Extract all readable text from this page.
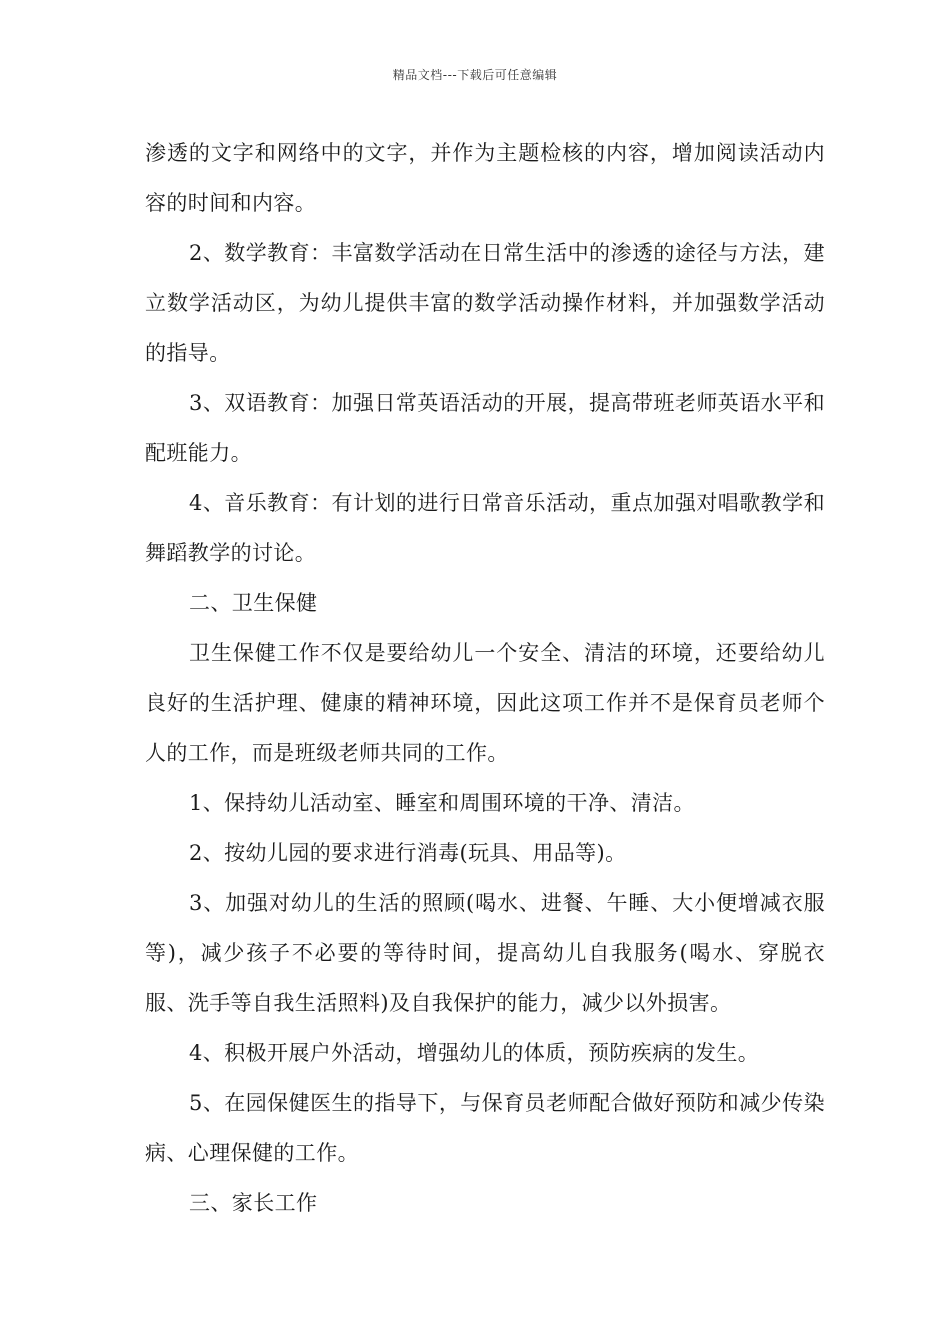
精品文档---下载后可任意编辑

渗透的文字和网络中的文字，并作为主题检核的内容，增加阅读活动内容的时间和内容。

2、数学教育：丰富数学活动在日常生活中的渗透的途径与方法，建立数学活动区，为幼儿提供丰富的数学活动操作材料，并加强数学活动的指导。

3、双语教育：加强日常英语活动的开展，提高带班老师英语水平和配班能力。

4、音乐教育：有计划的进行日常音乐活动，重点加强对唱歌教学和舞蹈教学的讨论。

二、卫生保健

卫生保健工作不仅是要给幼儿一个安全、清洁的环境，还要给幼儿良好的生活护理、健康的精神环境，因此这项工作并不是保育员老师个人的工作，而是班级老师共同的工作。

1、保持幼儿活动室、睡室和周围环境的干净、清洁。

2、按幼儿园的要求进行消毒(玩具、用品等)。

3、加强对幼儿的生活的照顾(喝水、进餐、午睡、大小便增减衣服等)，减少孩子不必要的等待时间，提高幼儿自我服务(喝水、穿脱衣服、洗手等自我生活照料)及自我保护的能力，减少以外损害。

4、积极开展户外活动，增强幼儿的体质，预防疾病的发生。

5、在园保健医生的指导下，与保育员老师配合做好预防和减少传染病、心理保健的工作。

三、家长工作
